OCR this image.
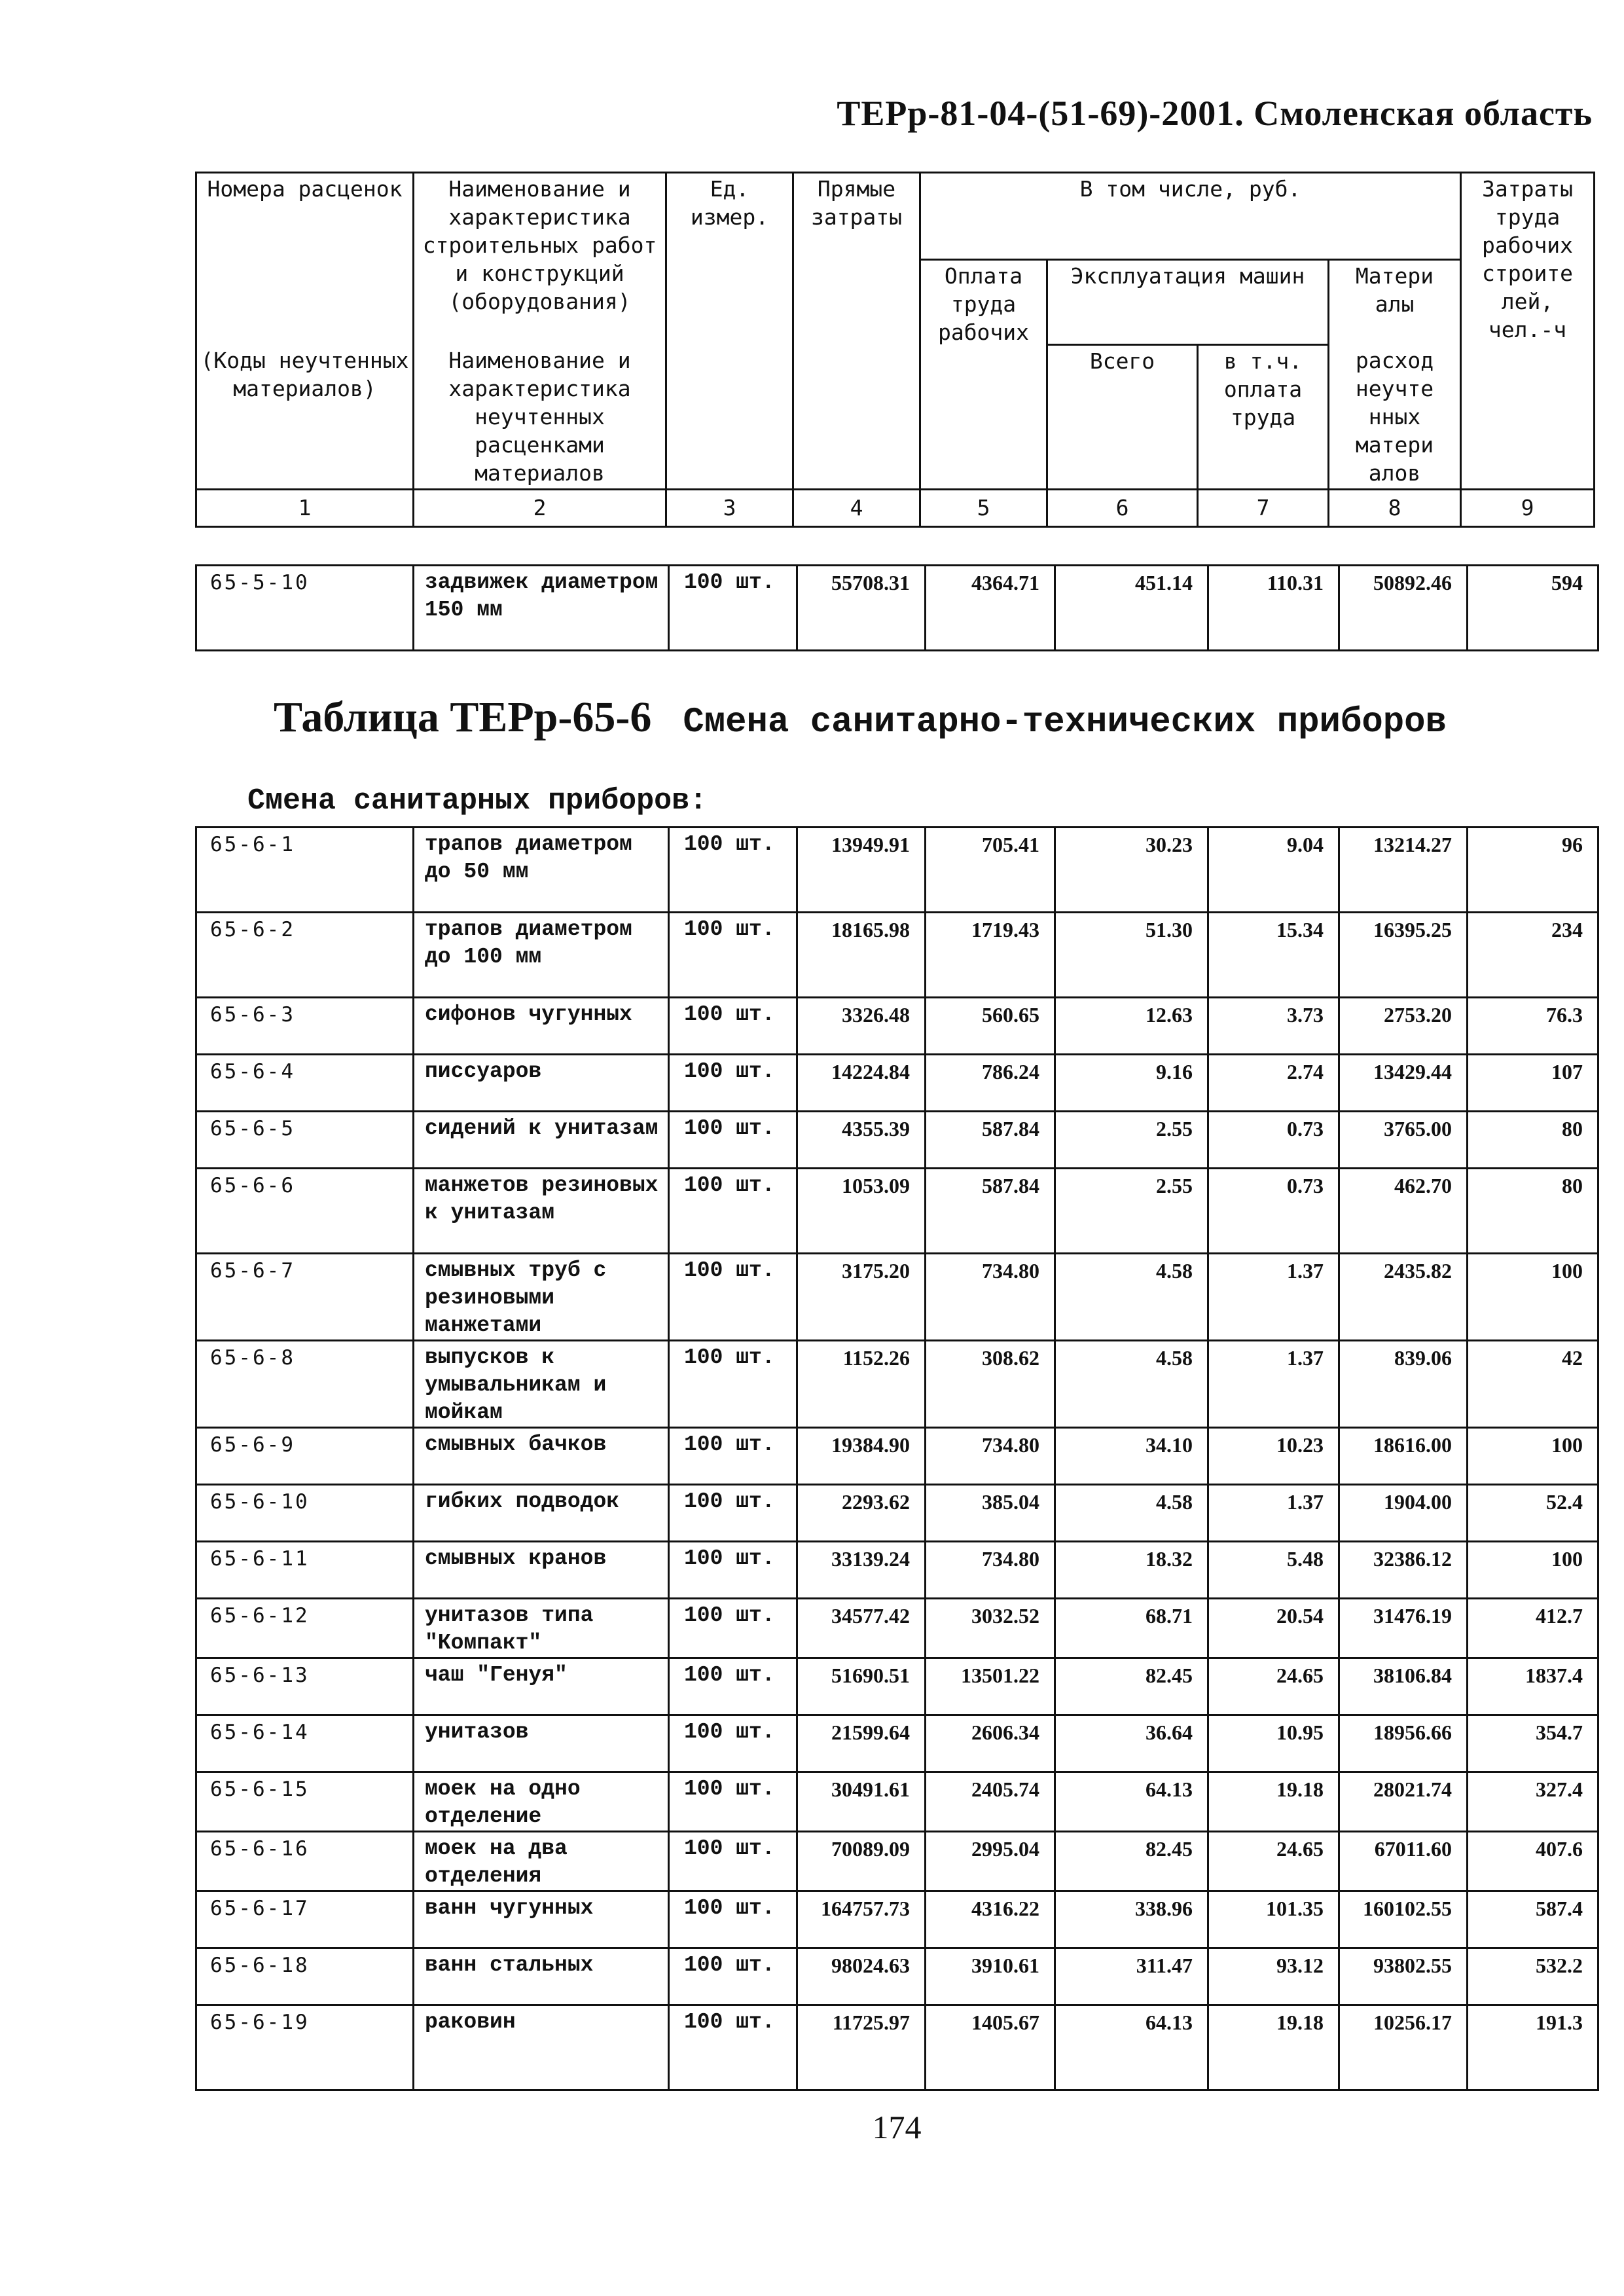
ТЕРр-81-04-(51-69)-2001. Смоленская область
Номера расценок	Наименование и характеристика строительных работ и конструкций (оборудования)	Ед. измер.	Прямые затраты	В том числе, руб.				Затраты труда рабочих строите лей, чел.-ч
				Оплата труда рабочих	Эксплуатация машин		Матери алы	
(Коды неучтенных материалов)	Наименование и характеристика неучтенных расценками материалов				Всего	в т.ч. оплата труда	расход неучте нных матери алов	

1	2	3	4	5	6	7	8	9
65-5-10	задвижек диаметром 150 мм	100 шт.	55708.31	4364.71	451.14	110.31	50892.46	594
Таблица ТЕРр-65-6 Смена санитарно-технических приборов
Смена санитарных приборов:
65-6-1	трапов диаметром до 50 мм	100 шт.	13949.91	705.41	30.23	9.04	13214.27	96
65-6-2	трапов диаметром до 100 мм	100 шт.	18165.98	1719.43	51.30	15.34	16395.25	234
65-6-3	сифонов чугунных	100 шт.	3326.48	560.65	12.63	3.73	2753.20	76.3
65-6-4	писсуаров	100 шт.	14224.84	786.24	9.16	2.74	13429.44	107
65-6-5	сидений к унитазам	100 шт.	4355.39	587.84	2.55	0.73	3765.00	80
65-6-6	манжетов резиновых к унитазам	100 шт.	1053.09	587.84	2.55	0.73	462.70	80
65-6-7	смывных труб с резиновыми манжетами	100 шт.	3175.20	734.80	4.58	1.37	2435.82	100
65-6-8	выпусков к умывальникам и мойкам	100 шт.	1152.26	308.62	4.58	1.37	839.06	42
65-6-9	смывных бачков	100 шт.	19384.90	734.80	34.10	10.23	18616.00	100
65-6-10	гибких подводок	100 шт.	2293.62	385.04	4.58	1.37	1904.00	52.4
65-6-11	смывных кранов	100 шт.	33139.24	734.80	18.32	5.48	32386.12	100
65-6-12	унитазов типа "Компакт"	100 шт.	34577.42	3032.52	68.71	20.54	31476.19	412.7
65-6-13	чаш "Генуя"	100 шт.	51690.51	13501.22	82.45	24.65	38106.84	1837.4
65-6-14	унитазов	100 шт.	21599.64	2606.34	36.64	10.95	18956.66	354.7
65-6-15	моек на одно отделение	100 шт.	30491.61	2405.74	64.13	19.18	28021.74	327.4
65-6-16	моек на два отделения	100 шт.	70089.09	2995.04	82.45	24.65	67011.60	407.6
65-6-17	ванн чугунных	100 шт.	164757.73	4316.22	338.96	101.35	160102.55	587.4
65-6-18	ванн стальных	100 шт.	98024.63	3910.61	311.47	93.12	93802.55	532.2
65-6-19	раковин	100 шт.	11725.97	1405.67	64.13	19.18	10256.17	191.3
174
